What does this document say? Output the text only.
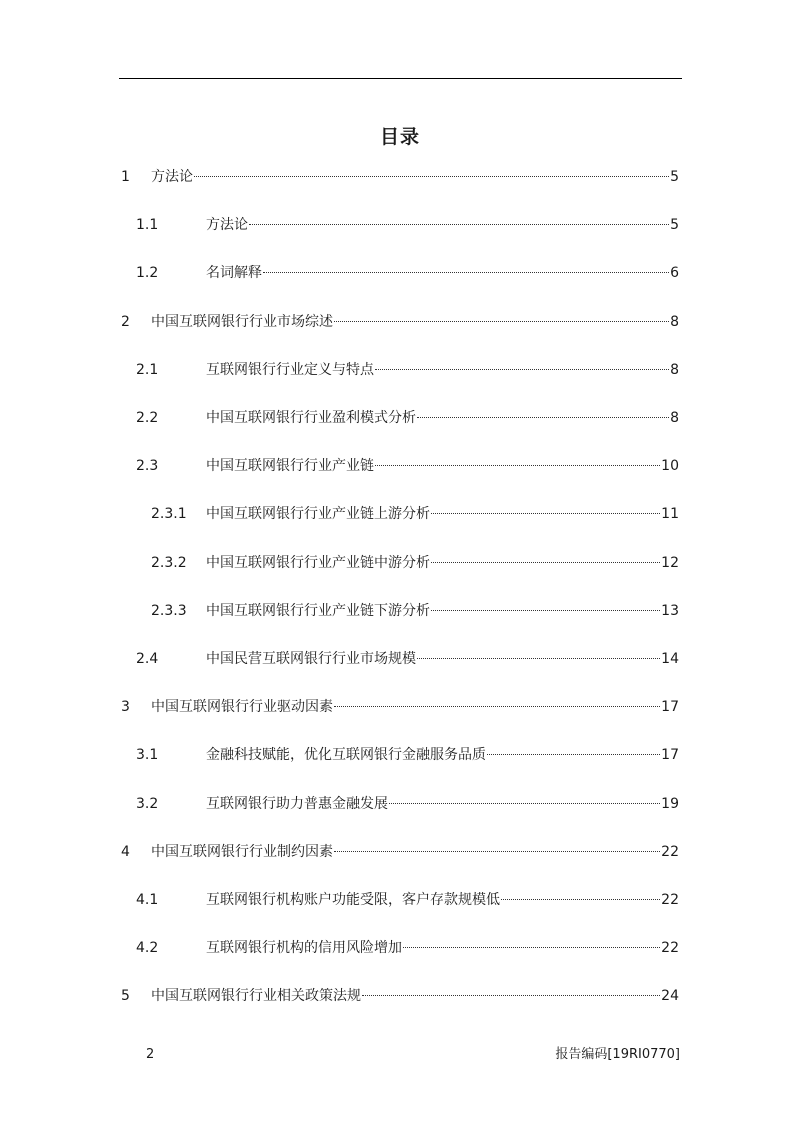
目录
1 方法论	5
1.1	方法论	5
1.2	名词解释	6
2 中国互联网银行行业市场综述	8
2.1	互联网银行行业定义与特点	8
2.2	中国互联网银行行业盈利模式分析	8
2.3	中国互联网银行行业产业链	10
2.3.1 中国互联网银行行业产业链上游分析	11
2.3.2 中国互联网银行行业产业链中游分析	12
2.3.3 中国互联网银行行业产业链下游分析	13
2.4	中国民营互联网银行行业市场规模	14
3 中国互联网银行行业驱动因素	17
3.1	金融科技赋能，优化互联网银行金融服务品质	17
3.2	互联网银行助力普惠金融发展	19
4 中国互联网银行行业制约因素	22
4.1	互联网银行机构账户功能受限，客户存款规模低	22
4.2	互联网银行机构的信用风险增加	22
5 中国互联网银行行业相关政策法规	24
2	报告编码[19RI0770]
